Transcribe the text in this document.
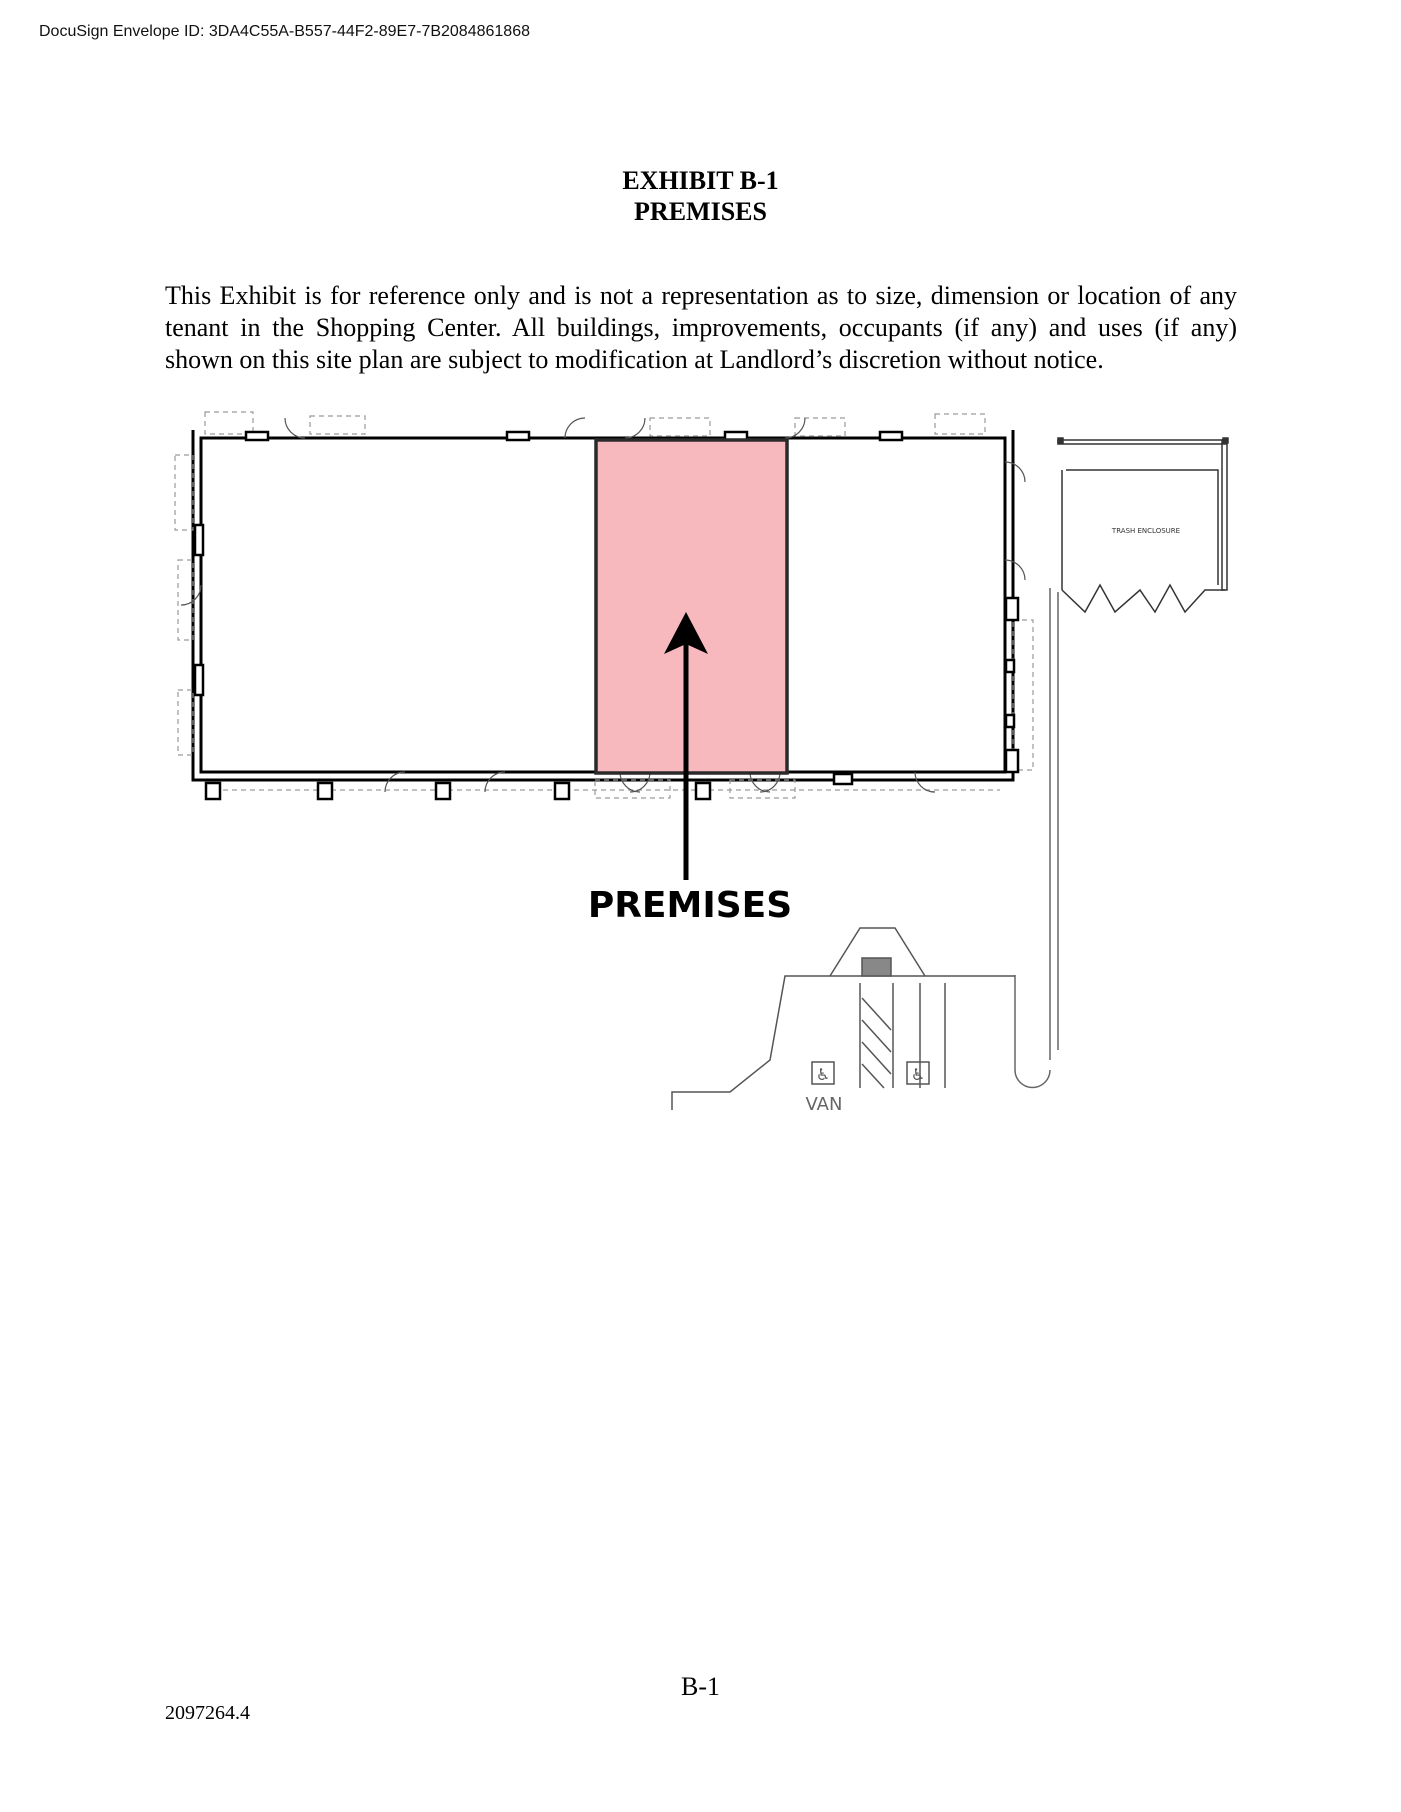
DocuSign Envelope ID: 3DA4C55A-B557-44F2-89E7-7B2084861868
EXHIBIT B-1
PREMISES
This Exhibit is for reference only and is not a representation as to size, dimension or location of any tenant in the Shopping Center. All buildings, improvements, occupants (if any) and uses (if any) shown on this site plan are subject to modification at Landlord’s discretion without notice.
PREMISES
TRASH ENCLOSURE
♿	♿
VAN
B-1
2097264.4
